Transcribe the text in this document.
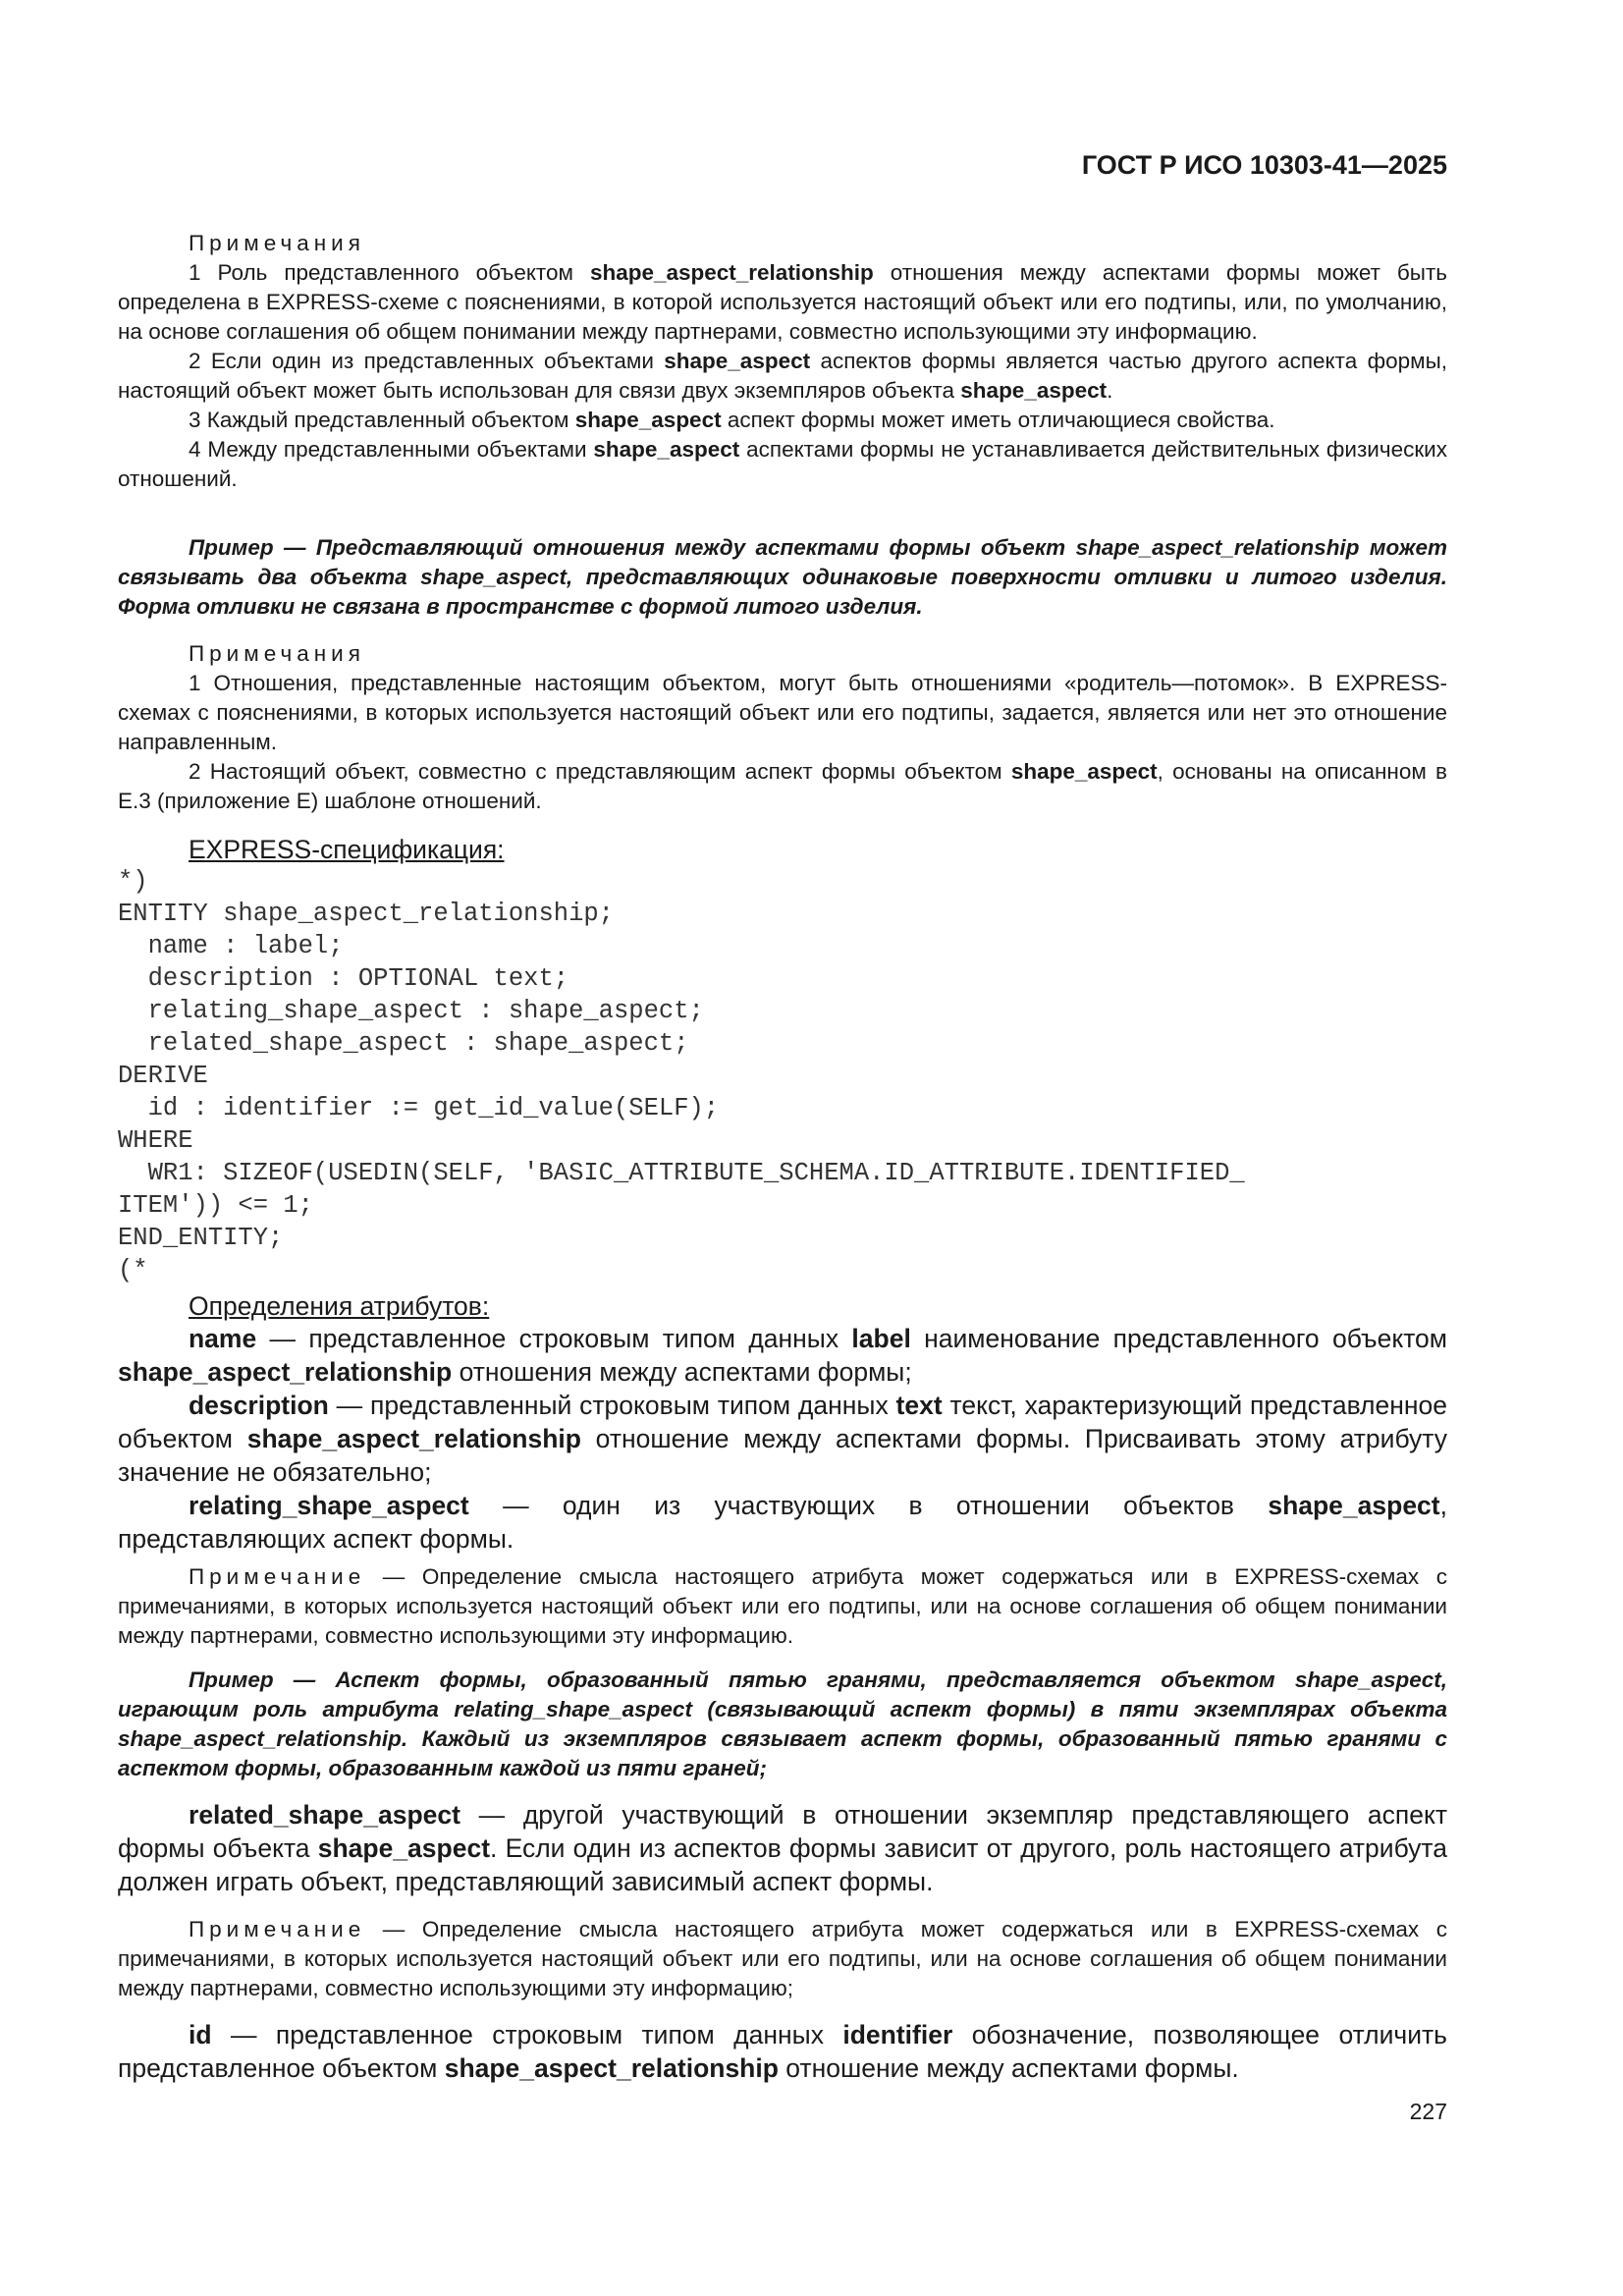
ГОСТ Р ИСО 10303-41—2025

Примечания

1 Роль представленного объектом shape_aspect_relationship отношения между аспектами формы может быть определена в EXPRESS-схеме с пояснениями, в которой используется настоящий объект или его подтипы, или, по умолчанию, на основе соглашения об общем понимании между партнерами, совместно использующими эту информацию.

2 Если один из представленных объектами shape_aspect аспектов формы является частью другого аспекта формы, настоящий объект может быть использован для связи двух экземпляров объекта shape_aspect.

3 Каждый представленный объектом shape_aspect аспект формы может иметь отличающиеся свойства.

4 Между представленными объектами shape_aspect аспектами формы не устанавливается действительных физических отношений.

Пример — Представляющий отношения между аспектами формы объект shape_aspect_relationship может связывать два объекта shape_aspect, представляющих одинаковые поверхности отливки и литого изделия. Форма отливки не связана в пространстве с формой литого изделия.

Примечания

1 Отношения, представленные настоящим объектом, могут быть отношениями «родитель—потомок». В EXPRESS-схемах с пояснениями, в которых используется настоящий объект или его подтипы, задается, является или нет это отношение направленным.

2 Настоящий объект, совместно с представляющим аспект формы объектом shape_aspect, основаны на описанном в E.3 (приложение E) шаблоне отношений.

EXPRESS-спецификация:

*)
ENTITY shape_aspect_relationship;
name : label;
description : OPTIONAL text;
relating_shape_aspect : shape_aspect;
related_shape_aspect : shape_aspect;
DERIVE
id : identifier := get_id_value(SELF);
WHERE
WR1: SIZEOF(USEDIN(SELF, 'BASIC_ATTRIBUTE_SCHEMA.ID_ATTRIBUTE.IDENTIFIED_
ITEM')) <= 1;
END_ENTITY;
(*

Определения атрибутов:

name — представленное строковым типом данных label наименование представленного объектом shape_aspect_relationship отношения между аспектами формы;

description — представленный строковым типом данных text текст, характеризующий представленное объектом shape_aspect_relationship отношение между аспектами формы. Присваивать этому атрибуту значение не обязательно;

relating_shape_aspect — один из участвующих в отношении объектов shape_aspect, представляющих аспект формы.

Примечание — Определение смысла настоящего атрибута может содержаться или в EXPRESS-схемах с примечаниями, в которых используется настоящий объект или его подтипы, или на основе соглашения об общем понимании между партнерами, совместно использующими эту информацию.

Пример — Аспект формы, образованный пятью гранями, представляется объектом shape_aspect, играющим роль атрибута relating_shape_aspect (связывающий аспект формы) в пяти экземплярах объекта shape_aspect_relationship. Каждый из экземпляров связывает аспект формы, образованный пятью гранями с аспектом формы, образованным каждой из пяти граней;

related_shape_aspect — другой участвующий в отношении экземпляр представляющего аспект формы объекта shape_aspect. Если один из аспектов формы зависит от другого, роль настоящего атрибута должен играть объект, представляющий зависимый аспект формы.

Примечание — Определение смысла настоящего атрибута может содержаться или в EXPRESS-схемах с примечаниями, в которых используется настоящий объект или его подтипы, или на основе соглашения об общем понимании между партнерами, совместно использующими эту информацию;

id — представленное строковым типом данных identifier обозначение, позволяющее отличить представленное объектом shape_aspect_relationship отношение между аспектами формы.

227
